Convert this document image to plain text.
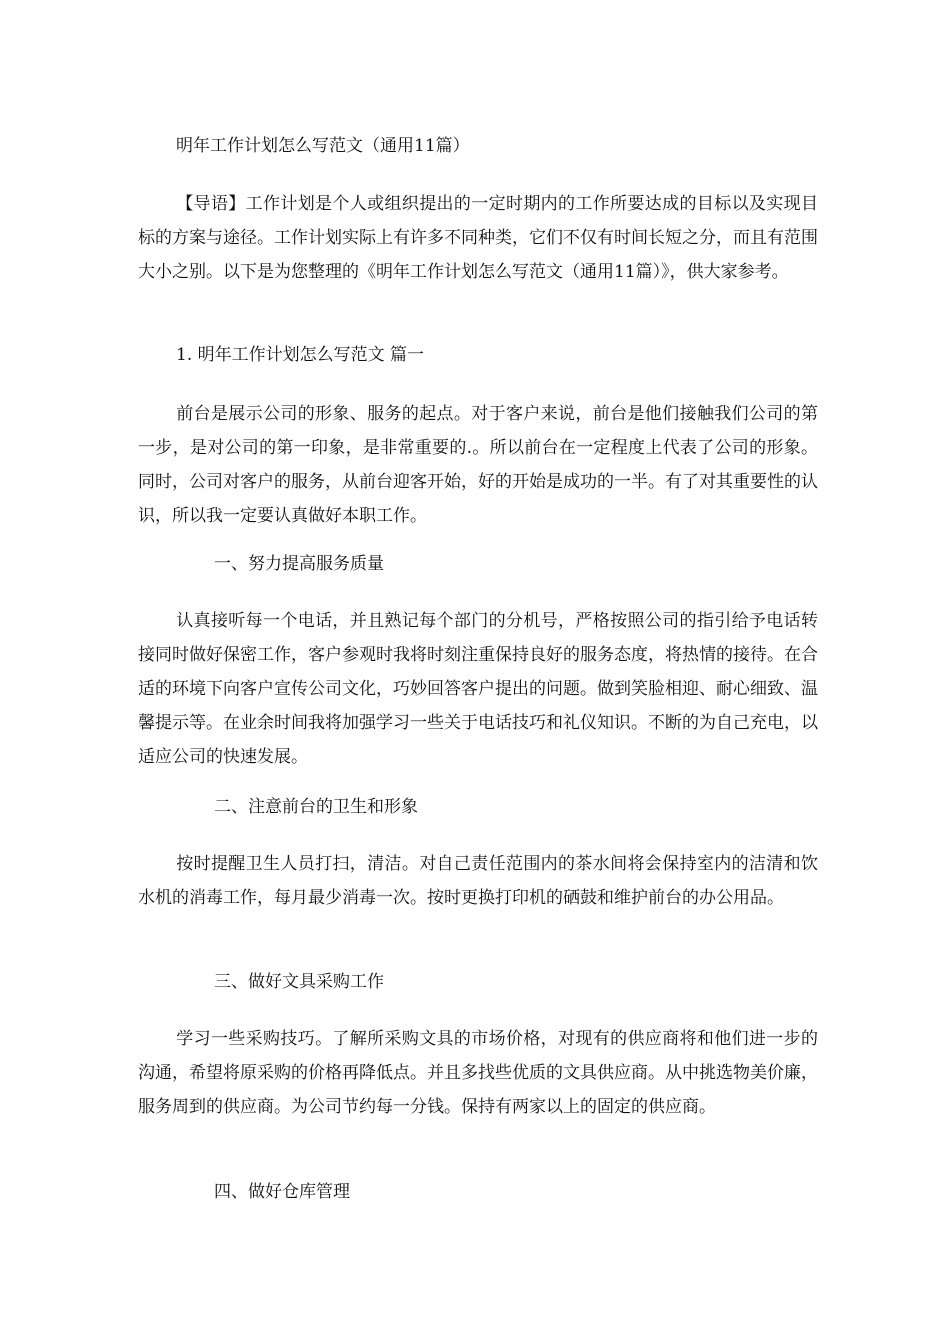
明年工作计划怎么写范文（通用11篇）

【导语】工作计划是个人或组织提出的一定时期内的工作所要达成的目标以及实现目标的方案与途径。工作计划实际上有许多不同种类，它们不仅有时间长短之分，而且有范围大小之别。以下是为您整理的《明年工作计划怎么写范文（通用11篇）》，供大家参考。

1. 明年工作计划怎么写范文 篇一

前台是展示公司的形象、服务的起点。对于客户来说，前台是他们接触我们公司的第一步，是对公司的第一印象，是非常重要的.。所以前台在一定程度上代表了公司的形象。同时，公司对客户的服务，从前台迎客开始，好的开始是成功的一半。有了对其重要性的认识，所以我一定要认真做好本职工作。

一、努力提高服务质量

认真接听每一个电话，并且熟记每个部门的分机号，严格按照公司的指引给予电话转接同时做好保密工作，客户参观时我将时刻注重保持良好的服务态度，将热情的接待。在合适的环境下向客户宣传公司文化，巧妙回答客户提出的问题。做到笑脸相迎、耐心细致、温馨提示等。在业余时间我将加强学习一些关于电话技巧和礼仪知识。不断的为自己充电，以适应公司的快速发展。

二、注意前台的卫生和形象

按时提醒卫生人员打扫，清洁。对自己责任范围内的茶水间将会保持室内的洁清和饮水机的消毒工作，每月最少消毒一次。按时更换打印机的硒鼓和维护前台的办公用品。

三、做好文具采购工作

学习一些采购技巧。了解所采购文具的市场价格，对现有的供应商将和他们进一步的沟通，希望将原采购的价格再降低点。并且多找些优质的文具供应商。从中挑选物美价廉，服务周到的供应商。为公司节约每一分钱。保持有两家以上的固定的供应商。

四、做好仓库管理
